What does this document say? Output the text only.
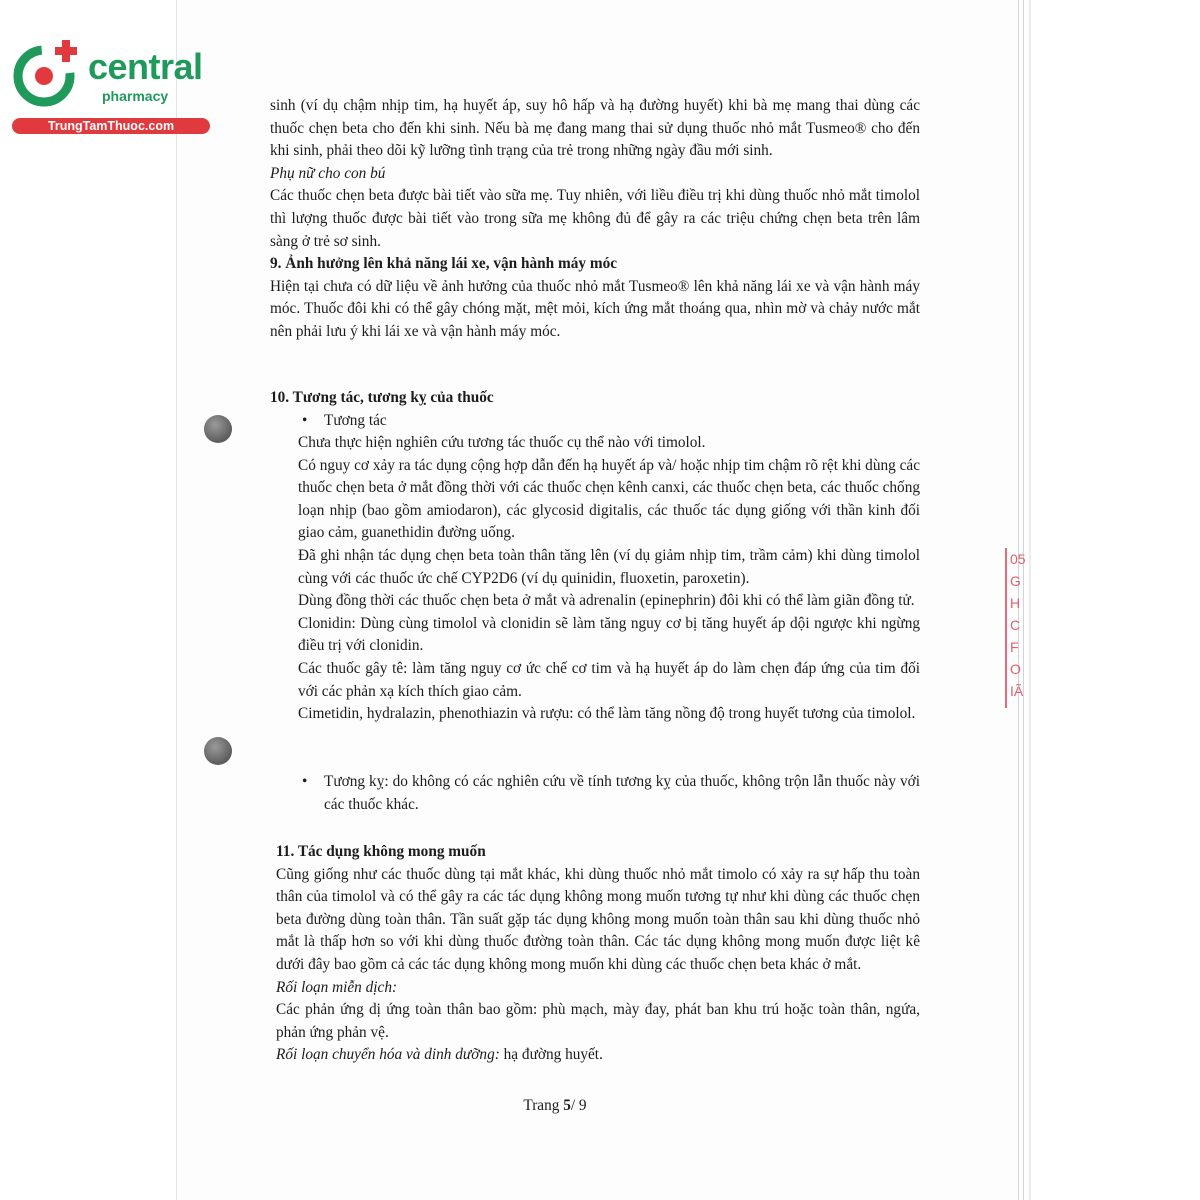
central
pharmacy
TrungTamThuoc.com
05
G
H
C F
O
IÃ

sinh (ví dụ chậm nhịp tim, hạ huyết áp, suy hô hấp và hạ đường huyết) khi bà mẹ mang thai dùng các thuốc chẹn beta cho đến khi sinh. Nếu bà mẹ đang mang thai sử dụng thuốc nhỏ mắt Tusmeo® cho đến khi sinh, phải theo dõi kỹ lưỡng tình trạng của trẻ trong những ngày đầu mới sinh.

Phụ nữ cho con bú

Các thuốc chẹn beta được bài tiết vào sữa mẹ. Tuy nhiên, với liều điều trị khi dùng thuốc nhỏ mắt timolol thì lượng thuốc được bài tiết vào trong sữa mẹ không đủ để gây ra các triệu chứng chẹn beta trên lâm sàng ở trẻ sơ sinh.

9. Ảnh hưởng lên khả năng lái xe, vận hành máy móc

Hiện tại chưa có dữ liệu về ảnh hưởng của thuốc nhỏ mắt Tusmeo® lên khả năng lái xe và vận hành máy móc. Thuốc đôi khi có thể gây chóng mặt, mệt mỏi, kích ứng mắt thoáng qua, nhìn mờ và chảy nước mắt nên phải lưu ý khi lái xe và vận hành máy móc.

10. Tương tác, tương kỵ của thuốc

• Tương tác

Chưa thực hiện nghiên cứu tương tác thuốc cụ thể nào với timolol.

Có nguy cơ xảy ra tác dụng cộng hợp dẫn đến hạ huyết áp và/ hoặc nhịp tim chậm rõ rệt khi dùng các thuốc chẹn beta ở mắt đồng thời với các thuốc chẹn kênh canxi, các thuốc chẹn beta, các thuốc chống loạn nhịp (bao gồm amiodaron), các glycosid digitalis, các thuốc tác dụng giống với thần kinh đối giao cảm, guanethidin đường uống.

Đã ghi nhận tác dụng chẹn beta toàn thân tăng lên (ví dụ giảm nhịp tim, trầm cảm) khi dùng timolol cùng với các thuốc ức chế CYP2D6 (ví dụ quinidin, fluoxetin, paroxetin).

Dùng đồng thời các thuốc chẹn beta ở mắt và adrenalin (epinephrin) đôi khi có thể làm giãn đồng tử.

Clonidin: Dùng cùng timolol và clonidin sẽ làm tăng nguy cơ bị tăng huyết áp dội ngược khi ngừng điều trị với clonidin.

Các thuốc gây tê: làm tăng nguy cơ ức chế cơ tim và hạ huyết áp do làm chẹn đáp ứng của tim đối với các phản xạ kích thích giao cảm.

Cimetidin, hydralazin, phenothiazin và rượu: có thể làm tăng nồng độ trong huyết tương của timolol.

• Tương kỵ: do không có các nghiên cứu về tính tương kỵ của thuốc, không trộn lẫn thuốc này với các thuốc khác.

11. Tác dụng không mong muốn

Cũng giống như các thuốc dùng tại mắt khác, khi dùng thuốc nhỏ mắt timolo có xảy ra sự hấp thu toàn thân của timolol và có thể gây ra các tác dụng không mong muốn tương tự như khi dùng các thuốc chẹn beta đường dùng toàn thân. Tần suất gặp tác dụng không mong muốn toàn thân sau khi dùng thuốc nhỏ mắt là thấp hơn so với khi dùng thuốc đường toàn thân. Các tác dụng không mong muốn được liệt kê dưới đây bao gồm cả các tác dụng không mong muốn khi dùng các thuốc chẹn beta khác ở mắt.

Rối loạn miễn dịch:

Các phản ứng dị ứng toàn thân bao gồm: phù mạch, mày đay, phát ban khu trú hoặc toàn thân, ngứa, phản ứng phản vệ.

Rối loạn chuyển hóa và dinh dưỡng: hạ đường huyết.

Trang 5/ 9
